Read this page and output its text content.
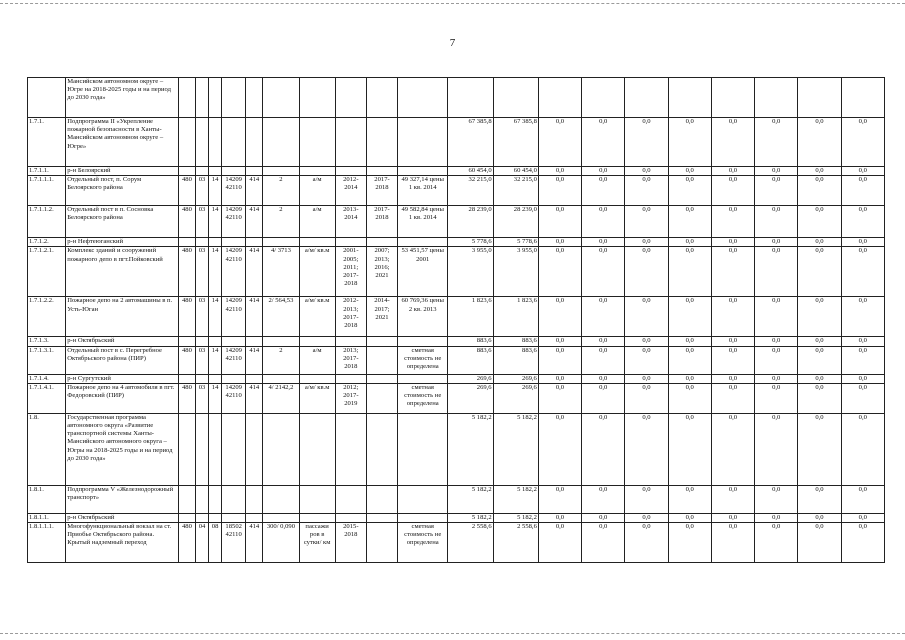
7
	Мансийском автономном округе – Югре на 2018-2025 годы и на период до 2030 года»																				
1.7.1.	Подпрограмма II «Укрепление пожарной безопасности в Ханты-Мансийском автономном округе – Югре»											67 385,8	67 385,8	0,0	0,0	0,0	0,0	0,0	0,0	0,0	0,0
1.7.1.1.	р-н Белоярский											60 454,0	60 454,0	0,0	0,0	0,0	0,0	0,0	0,0	0,0	0,0
1.7.1.1.1.	Отдельный пост, п. Сорум Белоярского района	480	03	14	14209 42110	414	2	а/м	2012-2014	2017-2018	49 327,14 цены 1 кв. 2014	32 215,0	32 215,0	0,0	0,0	0,0	0,0	0,0	0,0	0,0	0,0
1.7.1.1.2.	Отдельный пост в п. Сосновка Белоярского района	480	03	14	14209 42110	414	2	а/м	2013-2014	2017-2018	49 582,84 цены 1 кв. 2014	28 239,0	28 239,0	0,0	0,0	0,0	0,0	0,0	0,0	0,0	0,0
1.7.1.2.	р-н Нефтеюганский											5 778,6	5 778,6	0,0	0,0	0,0	0,0	0,0	0,0	0,0	0,0
1.7.1.2.1.	Комплекс зданий и сооружений пожарного депо в пгт.Пойковский	480	03	14	14209 42110	414	4/ 3713	а/м/ кв.м	2001-2005; 2011; 2017-2018	2007; 2013; 2016; 2021	53 451,57 цены 2001	3 955,0	3 955,0	0,0	0,0	0,0	0,0	0,0	0,0	0,0	0,0
1.7.1.2.2.	Пожарное депо на 2 автомашины в п. Усть-Юган	480	03	14	14209 42110	414	2/ 564,53	а/м/ кв.м	2012-2013; 2017-2018	2014-2017; 2021	60 769,36 цены 2 кв. 2013	1 823,6	1 823,6	0,0	0,0	0,0	0,0	0,0	0,0	0,0	0,0
1.7.1.3.	р-н Октябрьский											883,6	883,6	0,0	0,0	0,0	0,0	0,0	0,0	0,0	0,0
1.7.1.3.1.	Отдельный пост в с. Перегребное Октябрьского района (ПИР)	480	03	14	14209 42110	414	2	а/м	2013; 2017-2018		сметная стоимость не определена	883,6	883,6	0,0	0,0	0,0	0,0	0,0	0,0	0,0	0,0
1.7.1.4.	р-н Сургутский											269,6	269,6	0,0	0,0	0,0	0,0	0,0	0,0	0,0	0,0
1.7.1.4.1.	Пожарное депо на 4 автомобиля в пгт. Федоровский (ПИР)	480	03	14	14209 42110	414	4/ 2142,2	а/м/ кв.м	2012; 2017-2019		сметная стоимость не определена	269,6	269,6	0,0	0,0	0,0	0,0	0,0	0,0	0,0	0,0
1.8.	Государственная программа автономного округа «Развитие транспортной системы Ханты-Мансийского автономного округа – Югры на 2018-2025 годы и на период до 2030 года»											5 182,2	5 182,2	0,0	0,0	0,0	0,0	0,0	0,0	0,0	0,0
1.8.1.	Подпрограмма V «Железнодорожный транспорт»											5 182,2	5 182,2	0,0	0,0	0,0	0,0	0,0	0,0	0,0	0,0
1.8.1.1.	р-н Октябрьский											5 182,2	5 182,2	0,0	0,0	0,0	0,0	0,0	0,0	0,0	0,0
1.8.1.1.1.	Многофункциональный вокзал на ст. Приобье Октябрьского района. Крытый надземный переход	480	04	08	18502 42110	414	300/ 0,090	пассажи ров в сутки/ км	2015-2018		сметная стоимость не определена	2 558,6	2 558,6	0,0	0,0	0,0	0,0	0,0	0,0	0,0	0,0
